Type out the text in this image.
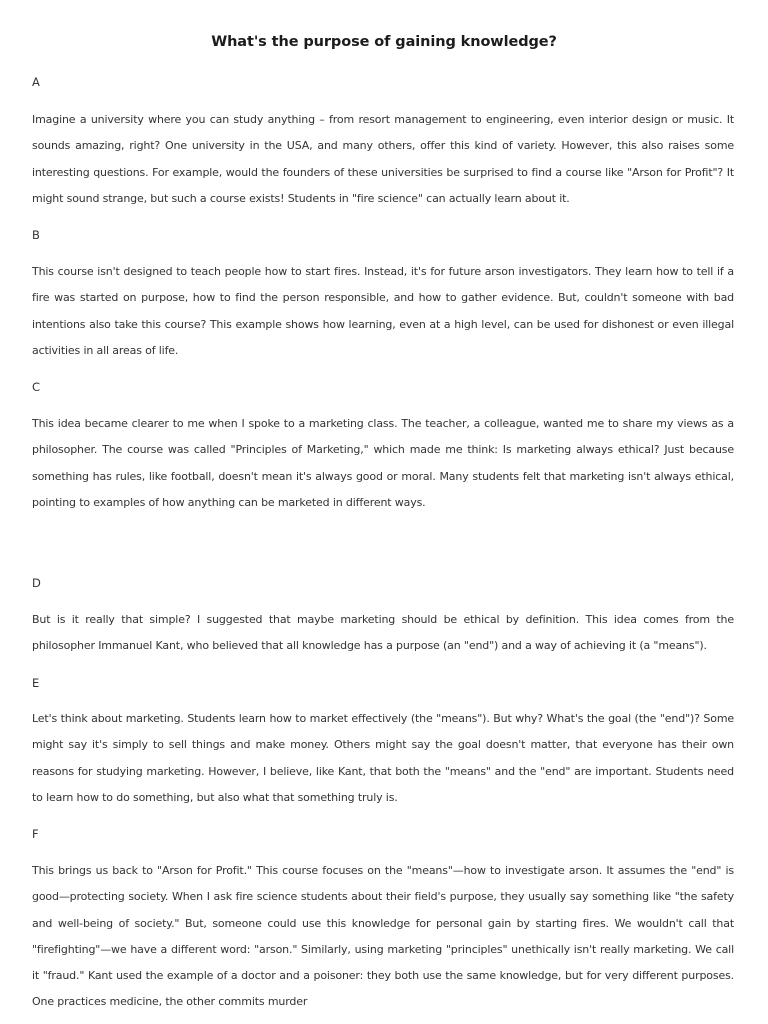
What's the purpose of gaining knowledge?
A

Imagine a university where you can study anything – from resort management to engineering, even interior design or music. It sounds amazing, right? One university in the USA, and many others, offer this kind of variety. However, this also raises some interesting questions. For example, would the founders of these universities be surprised to find a course like "Arson for Profit"? It might sound strange, but such a course exists! Students in "fire science" can actually learn about it.

B

This course isn't designed to teach people how to start fires. Instead, it's for future arson investigators. They learn how to tell if a fire was started on purpose, how to find the person responsible, and how to gather evidence. But, couldn't someone with bad intentions also take this course? This example shows how learning, even at a high level, can be used for dishonest or even illegal activities in all areas of life.

C

This idea became clearer to me when I spoke to a marketing class. The teacher, a colleague, wanted me to share my views as a philosopher. The course was called "Principles of Marketing," which made me think: Is marketing always ethical? Just because something has rules, like football, doesn't mean it's always good or moral. Many students felt that marketing isn't always ethical, pointing to examples of how anything can be marketed in different ways.

D

But is it really that simple? I suggested that maybe marketing should be ethical by definition. This idea comes from the philosopher Immanuel Kant, who believed that all knowledge has a purpose (an "end") and a way of achieving it (a "means").

E

Let's think about marketing. Students learn how to market effectively (the "means"). But why? What's the goal (the "end")? Some might say it's simply to sell things and make money. Others might say the goal doesn't matter, that everyone has their own reasons for studying marketing. However, I believe, like Kant, that both the "means" and the "end" are important. Students need to learn how to do something, but also what that something truly is.

F

This brings us back to "Arson for Profit." This course focuses on the "means"—how to investigate arson. It assumes the "end" is good—protecting society. When I ask fire science students about their field's purpose, they usually say something like "the safety and well-being of society." But, someone could use this knowledge for personal gain by starting fires. We wouldn't call that "firefighting"—we have a different word: "arson." Similarly, using marketing "principles" unethically isn't really marketing. We call it "fraud." Kant used the example of a doctor and a poisoner: they both use the same knowledge, but for very different purposes. One practices medicine, the other commits murder
